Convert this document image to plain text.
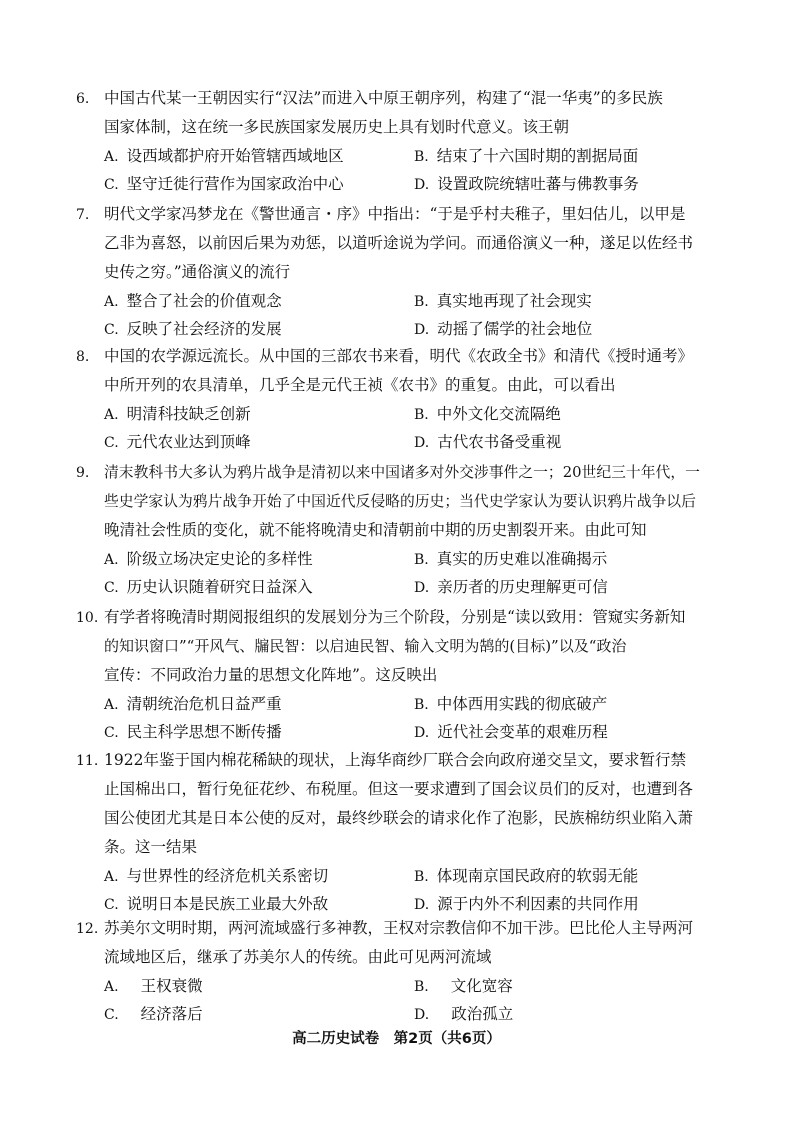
6. 中国古代某一王朝因实行“汉法”而进入中原王朝序列，构建了“混一华夷”的多民族
国家体制，这在统一多民族国家发展历史上具有划时代意义。该王朝
A. 设西域都护府开始管辖西域地区	B. 结束了十六国时期的割据局面
C. 坚守迁徙行营作为国家政治中心	D. 设置政院统辖吐蕃与佛教事务
7. 明代文学家冯梦龙在《警世通言・序》中指出：“于是乎村夫稚子，里妇估儿，以甲是
乙非为喜怒，以前因后果为劝惩，以道听途说为学问。而通俗演义一种，遂足以佐经书
史传之穷。”通俗演义的流行
A. 整合了社会的价值观念	B. 真实地再现了社会现实
C. 反映了社会经济的发展	D. 动摇了儒学的社会地位
8. 中国的农学源远流长。从中国的三部农书来看，明代《农政全书》和清代《授时通考》
中所开列的农具清单，几乎全是元代王祯《农书》的重复。由此，可以看出
A. 明清科技缺乏创新	B. 中外文化交流隔绝
C. 元代农业达到顶峰	D. 古代农书备受重视
9. 清末教科书大多认为鸦片战争是清初以来中国诸多对外交涉事件之一；20世纪三十年代，一
些史学家认为鸦片战争开始了中国近代反侵略的历史；当代史学家认为要认识鸦片战争以后
晚清社会性质的变化，就不能将晚清史和清朝前中期的历史割裂开来。由此可知
A. 阶级立场决定史论的多样性	B. 真实的历史难以准确揭示
C. 历史认识随着研究日益深入	D. 亲历者的历史理解更可信
10. 有学者将晚清时期阅报组织的发展划分为三个阶段，分别是“读以致用：管窥实务新知
的知识窗口”“开风气、牖民智：以启迪民智、输入文明为鹄的(目标)”以及“政治
宣传：不同政治力量的思想文化阵地”。这反映出
A. 清朝统治危机日益严重	B. 中体西用实践的彻底破产
C. 民主科学思想不断传播	D. 近代社会变革的艰难历程
11. 1922年鉴于国内棉花稀缺的现状，上海华商纱厂联合会向政府递交呈文，要求暂行禁
止国棉出口，暂行免征花纱、布税厘。但这一要求遭到了国会议员们的反对，也遭到各
国公使团尤其是日本公使的反对，最终纱联会的请求化作了泡影，民族棉纺织业陷入萧
条。这一结果
A. 与世界性的经济危机关系密切	B. 体现南京国民政府的软弱无能
C. 说明日本是民族工业最大外敌	D. 源于内外不利因素的共同作用
12. 苏美尔文明时期，两河流域盛行多神教，王权对宗教信仰不加干涉。巴比伦人主导两河
流域地区后，继承了苏美尔人的传统。由此可见两河流域
A. 王权衰微	B. 文化宽容
C. 经济落后	D. 政治孤立
高二历史试卷　第2页（共6页）
